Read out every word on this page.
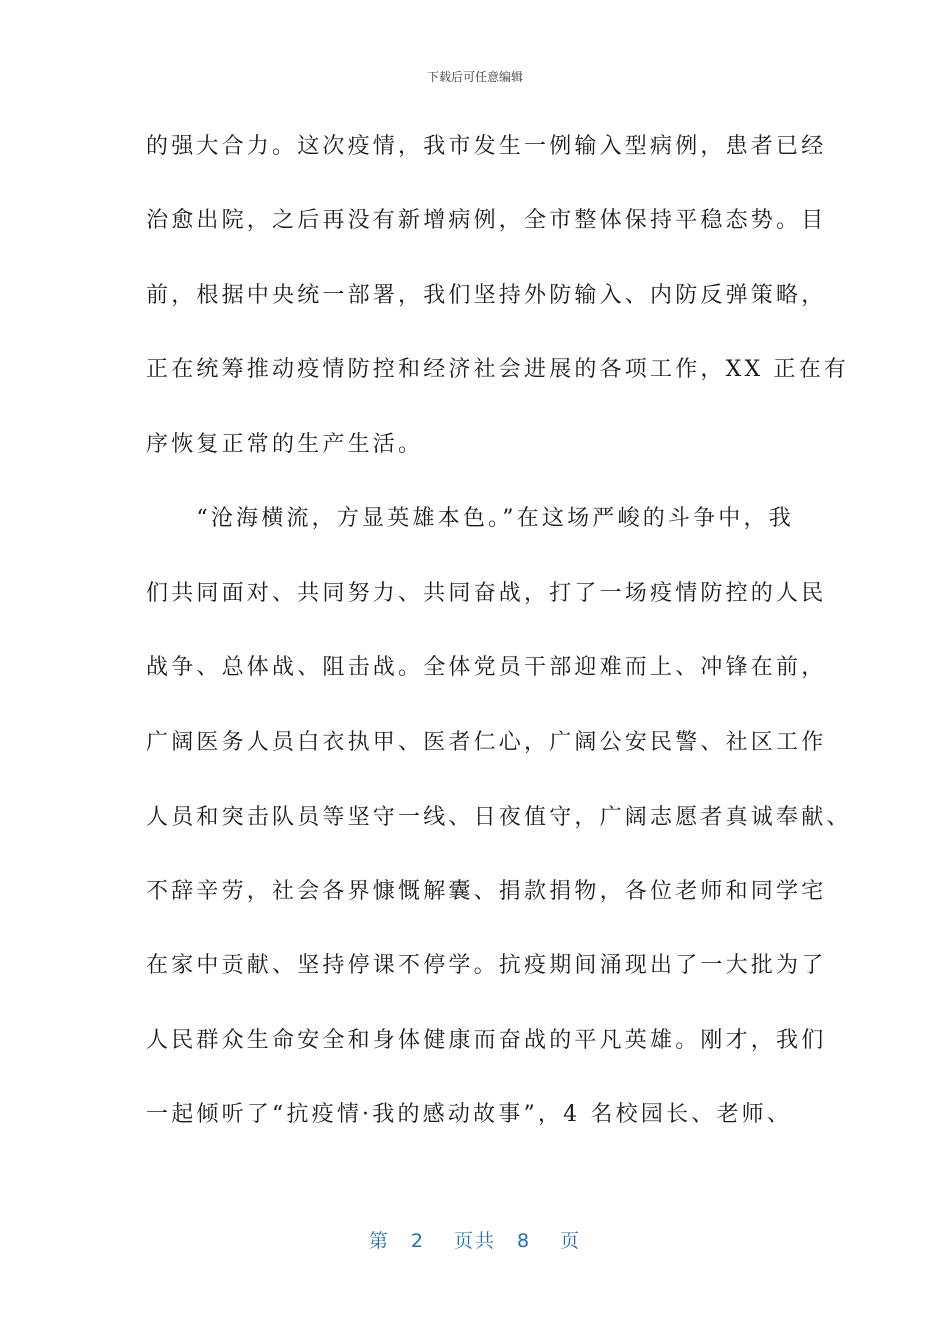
下载后可任意编辑
的强大合力。这次疫情，我市发生一例输入型病例，患者已经
治愈出院，之后再没有新增病例，全市整体保持平稳态势。目
前，根据中央统一部署，我们坚持外防输入、内防反弹策略，
正在统筹推动疫情防控和经济社会进展的各项工作，XX 正在有
序恢复正常的生产生活。
　　“沧海横流，方显英雄本色。”在这场严峻的斗争中，我
们共同面对、共同努力、共同奋战，打了一场疫情防控的人民
战争、总体战、阻击战。全体党员干部迎难而上、冲锋在前，
广阔医务人员白衣执甲、医者仁心，广阔公安民警、社区工作
人员和突击队员等坚守一线、日夜值守，广阔志愿者真诚奉献、
不辞辛劳，社会各界慷慨解囊、捐款捐物，各位老师和同学宅
在家中贡献、坚持停课不停学。抗疫期间涌现出了一大批为了
人民群众生命安全和身体健康而奋战的平凡英雄。刚才，我们
一起倾听了“抗疫情·我的感动故事”，4 名校园长、老师、
第　2　 页共　8　 页
